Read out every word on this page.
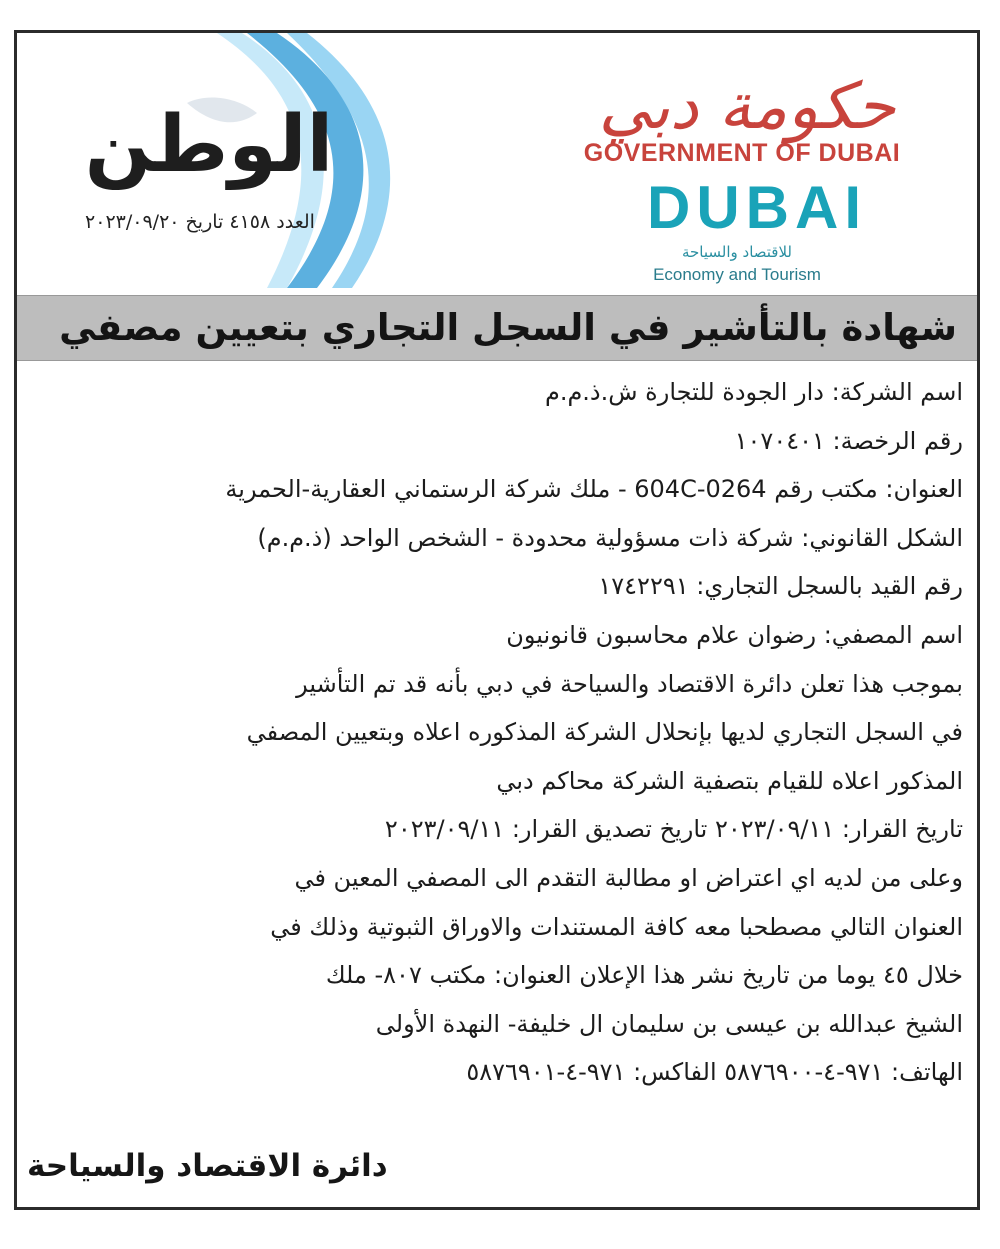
الوطن
العدد ٤١٥٨ تاريخ ٢٠٢٣/٠٩/٢٠
حكومة دبي
GOVERNMENT OF DUBAI
DUBAI
للاقتصاد والسياحة
Economy and Tourism
شهادة بالتأشير في السجل التجاري بتعيين مصفي
اسم الشركة: دار الجودة للتجارة ش.ذ.م.م
رقم الرخصة: ١٠٧٠٤٠١
العنوان: مكتب رقم 604C-0264 - ملك شركة الرستماني العقارية-الحمرية
الشكل القانوني: شركة ذات مسؤولية محدودة - الشخص الواحد (ذ.م.م)
رقم القيد بالسجل التجاري: ١٧٤٢٢٩١
اسم المصفي: رضوان علام محاسبون قانونيون
بموجب هذا تعلن دائرة الاقتصاد والسياحة في دبي بأنه قد تم التأشير
في السجل التجاري لديها بإنحلال الشركة المذكوره اعلاه وبتعيين المصفي
المذكور اعلاه للقيام بتصفية الشركة محاكم دبي
تاريخ القرار: ٢٠٢٣/٠٩/١١ تاريخ تصديق القرار: ٢٠٢٣/٠٩/١١
وعلى من لديه اي اعتراض او مطالبة التقدم الى المصفي المعين في
العنوان التالي مصطحبا معه كافة المستندات والاوراق الثبوتية وذلك في
خلال ٤٥ يوما من تاريخ نشر هذا الإعلان العنوان: مكتب ٨٠٧- ملك
الشيخ عبدالله بن عيسى بن سليمان ال خليفة- النهدة الأولى
الهاتف: ٩٧١-٤-٥٨٧٦٩٠٠ الفاكس: ٩٧١-٤-٥٨٧٦٩٠١
دائرة الاقتصاد والسياحة
